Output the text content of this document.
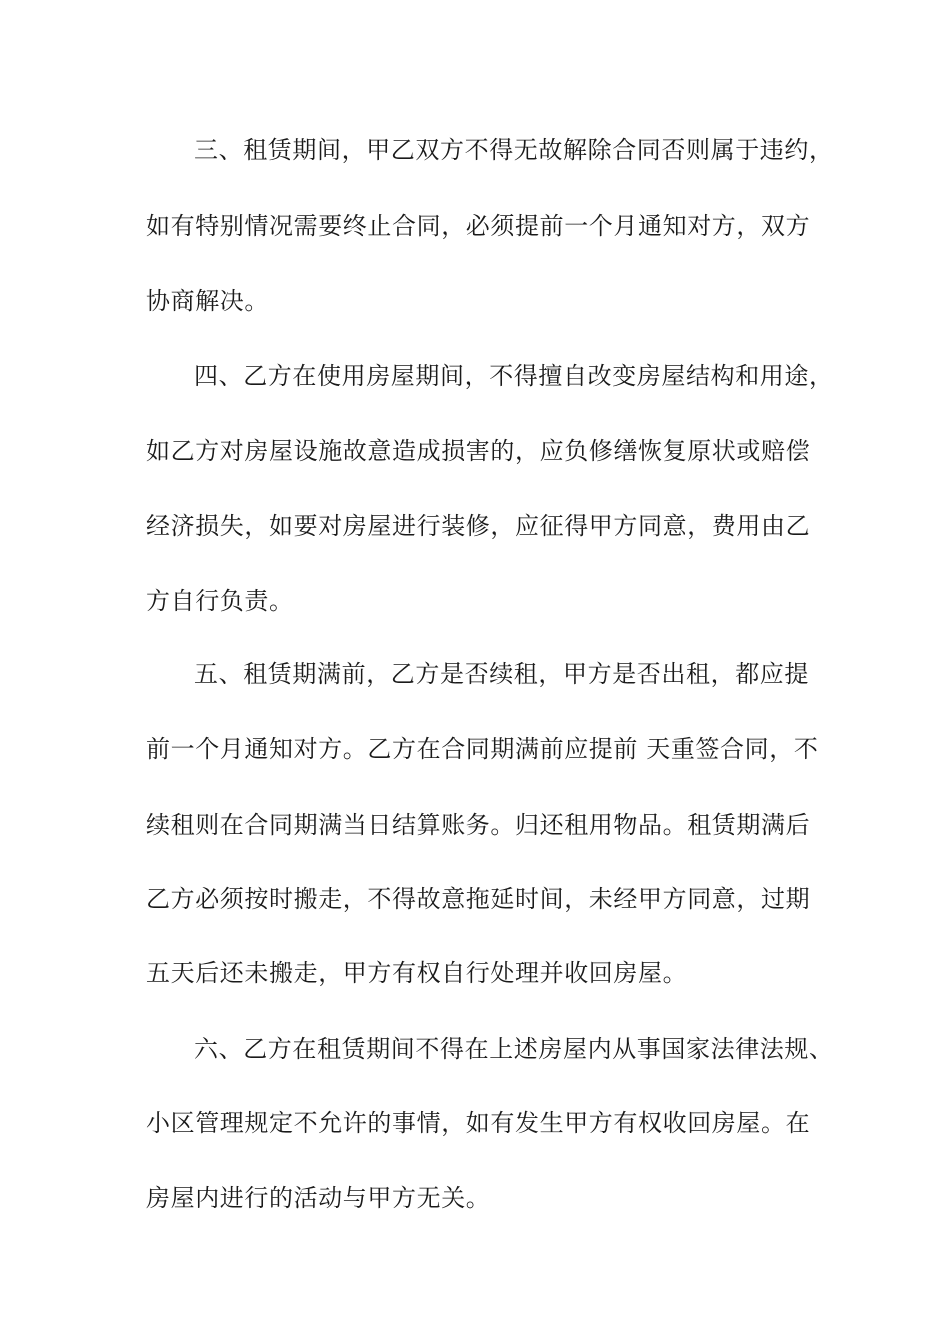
三、租赁期间，甲乙双方不得无故解除合同否则属于违约，
如有特别情况需要终止合同，必须提前一个月通知对方，双方
协商解决。
四、乙方在使用房屋期间，不得擅自改变房屋结构和用途，
如乙方对房屋设施故意造成损害的，应负修缮恢复原状或赔偿
经济损失，如要对房屋进行装修，应征得甲方同意，费用由乙
方自行负责。
五、租赁期满前，乙方是否续租，甲方是否出租，都应提
前一个月通知对方。乙方在合同期满前应提前 天重签合同，不
续租则在合同期满当日结算账务。归还租用物品。租赁期满后
乙方必须按时搬走，不得故意拖延时间，未经甲方同意，过期
五天后还未搬走，甲方有权自行处理并收回房屋。
六、乙方在租赁期间不得在上述房屋内从事国家法律法规、
小区管理规定不允许的事情，如有发生甲方有权收回房屋。在
房屋内进行的活动与甲方无关。
